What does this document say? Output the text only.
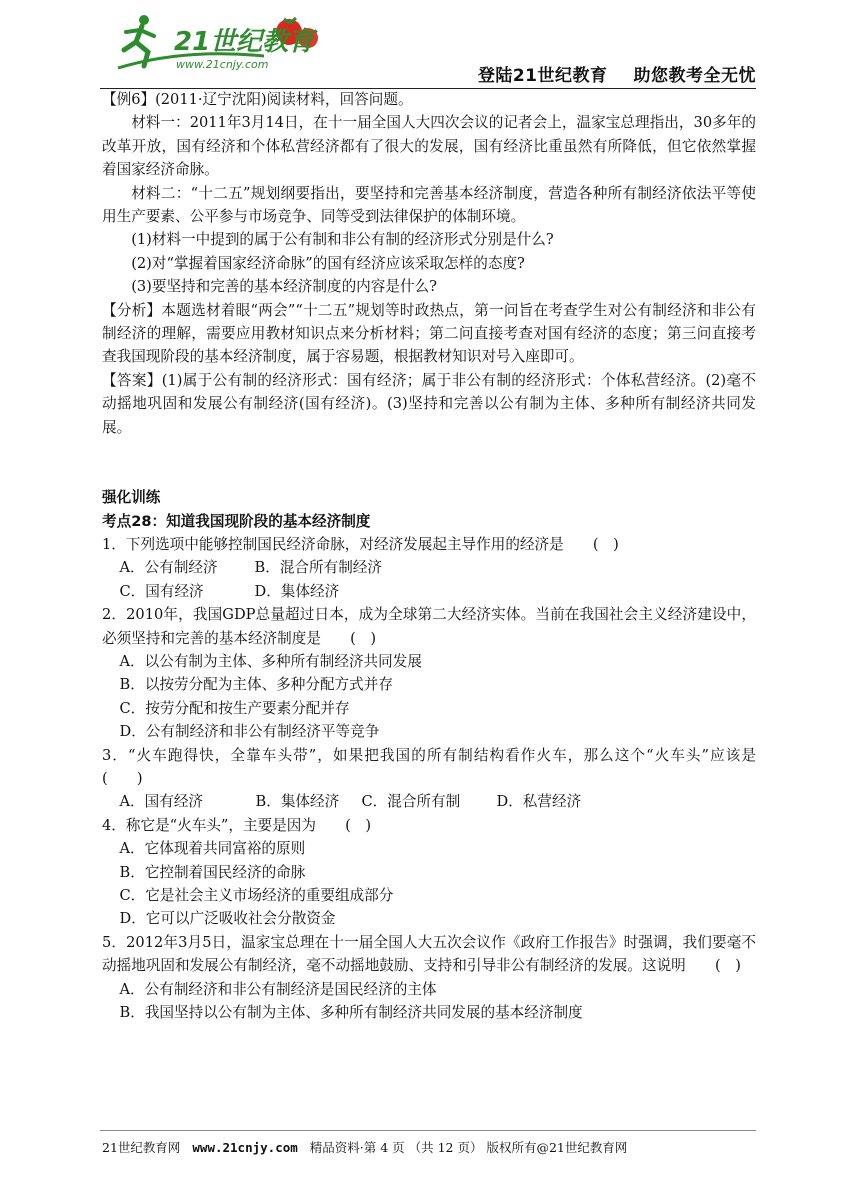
21世纪教育
www.21cnjy.com
登陆21世纪教育 助您教考全无忧

【例6】(2011·辽宁沈阳)阅读材料，回答问题。

材料一：2011年3月14日，在十一届全国人大四次会议的记者会上，温家宝总理指出，30多年的改革开放，国有经济和个体私营经济都有了很大的发展，国有经济比重虽然有所降低，但它依然掌握着国家经济命脉。

材料二：“十二五”规划纲要指出，要坚持和完善基本经济制度，营造各种所有制经济依法平等使用生产要素、公平参与市场竞争、同等受到法律保护的体制环境。

(1)材料一中提到的属于公有制和非公有制的经济形式分别是什么?

(2)对“掌握着国家经济命脉”的国有经济应该采取怎样的态度?

(3)要坚持和完善的基本经济制度的内容是什么?

【分析】本题选材着眼“两会”“十二五”规划等时政热点，第一问旨在考查学生对公有制经济和非公有制经济的理解，需要应用教材知识点来分析材料；第二问直接考查对国有经济的态度；第三问直接考查我国现阶段的基本经济制度，属于容易题，根据教材知识对号入座即可。

【答案】(1)属于公有制的经济形式：国有经济；属于非公有制的经济形式：个体私营经济。(2)毫不动摇地巩固和发展公有制经济(国有经济)。(3)坚持和完善以公有制为主体、多种所有制经济共同发展。

强化训练

考点28：知道我国现阶段的基本经济制度

1．下列选项中能够控制国民经济命脉，对经济发展起主导作用的经济是　　(　)

A．公有制经济	B．混合所有制经济
C．国有经济	D．集体经济

2．2010年，我国GDP总量超过日本，成为全球第二大经济实体。当前在我国社会主义经济建设中，必须坚持和完善的基本经济制度是　　(　)

A．以公有制为主体、多种所有制经济共同发展

B．以按劳分配为主体、多种分配方式并存

C．按劳分配和按生产要素分配并存

D．公有制经济和非公有制经济平等竞争

3．“火车跑得快，全靠车头带”，如果把我国的所有制结构看作火车，那么这个“火车头”应该是　　(　　)

A．国有经济	B．集体经济 C．混合所有制 D．私营经济

4．称它是“火车头”，主要是因为　　(　)

A．它体现着共同富裕的原则

B．它控制着国民经济的命脉

C．它是社会主义市场经济的重要组成部分

D．它可以广泛吸收社会分散资金

5．2012年3月5日，温家宝总理在十一届全国人大五次会议作《政府工作报告》时强调，我们要毫不动摇地巩固和发展公有制经济，毫不动摇地鼓励、支持和引导非公有制经济的发展。这说明　　(　)

A．公有制经济和非公有制经济是国民经济的主体

B．我国坚持以公有制为主体、多种所有制经济共同发展的基本经济制度

21世纪教育网 www.21cnjy.com 精品资料·第 4 页 （共 12 页） 版权所有@21世纪教育网
